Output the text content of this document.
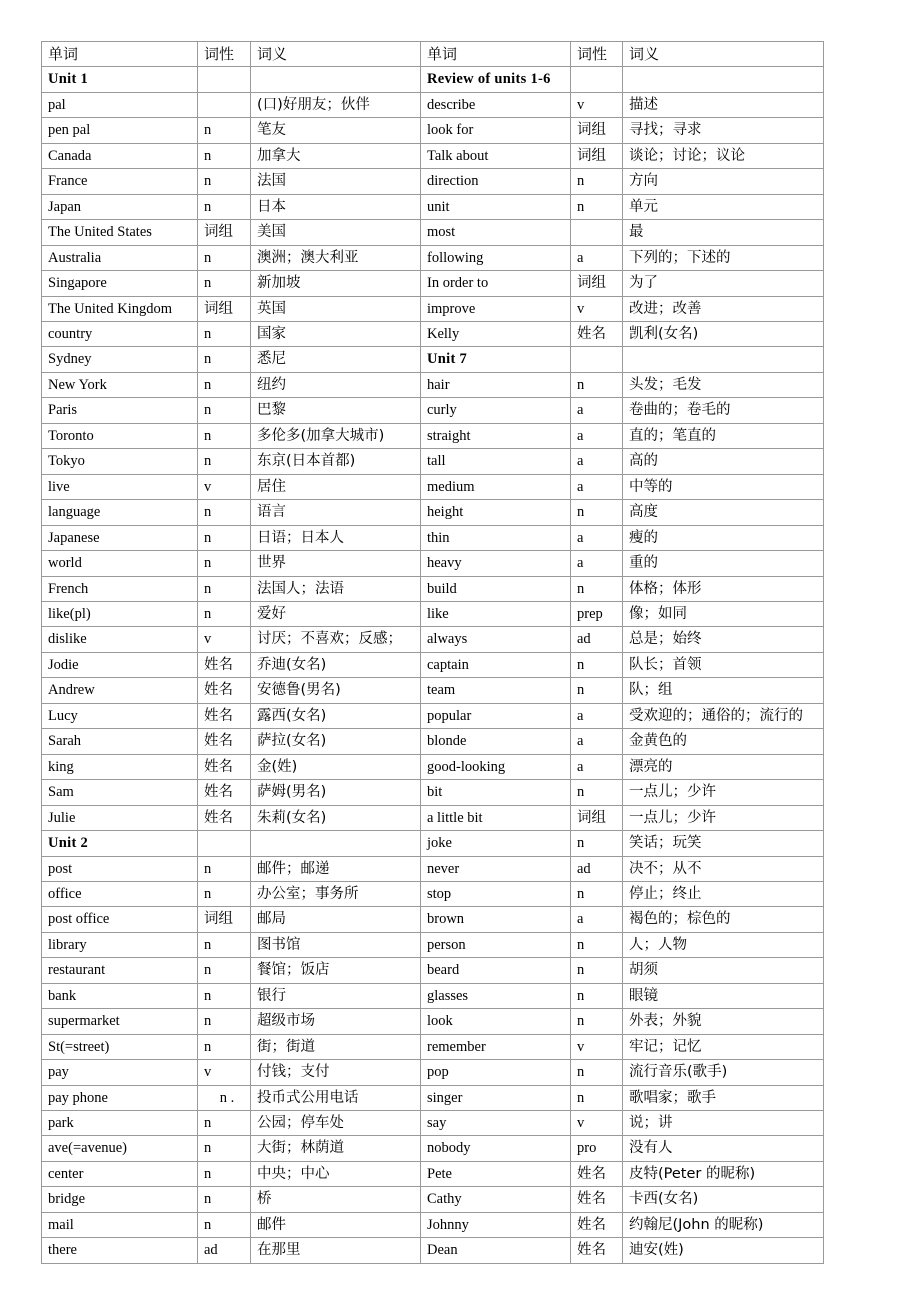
单词	词性	词义	单词	词性	词义
Unit 1			Review of units 1-6		
pal		(口)好朋友；伙伴	describe	v	描述
pen pal	n	笔友	look for	词组	寻找；寻求
Canada	n	加拿大	Talk about	词组	谈论；讨论；议论
France	n	法国	direction	n	方向
Japan	n	日本	unit	n	单元
The United States	词组	美国	most		最
Australia	n	澳洲；澳大利亚	following	a	下列的；下述的
Singapore	n	新加坡	In order to	词组	为了
The United Kingdom	词组	英国	improve	v	改进；改善
country	n	国家	Kelly	姓名	凯利(女名)
Sydney	n	悉尼	Unit 7		
New York	n	纽约	hair	n	头发；毛发
Paris	n	巴黎	curly	a	卷曲的；卷毛的
Toronto	n	多伦多(加拿大城市)	straight	a	直的；笔直的
Tokyo	n	东京(日本首都)	tall	a	高的
live	v	居住	medium	a	中等的
language	n	语言	height	n	高度
Japanese	n	日语；日本人	thin	a	瘦的
world	n	世界	heavy	a	重的
French	n	法国人；法语	build	n	体格；体形
like(pl)	n	爱好	like	prep	像；如同
dislike	v	讨厌；不喜欢；反感；	always	ad	总是；始终
Jodie	姓名	乔迪(女名)	captain	n	队长；首领
Andrew	姓名	安德鲁(男名)	team	n	队；组
Lucy	姓名	露西(女名)	popular	a	受欢迎的；通俗的；流行的
Sarah	姓名	萨拉(女名)	blonde	a	金黄色的
king	姓名	金(姓)	good-looking	a	漂亮的
Sam	姓名	萨姆(男名)	bit	n	一点儿；少许
Julie	姓名	朱莉(女名)	a little bit	词组	一点儿；少许
Unit 2			joke	n	笑话；玩笑
post	n	邮件；邮递	never	ad	决不；从不
office	n	办公室；事务所	stop	n	停止；终止
post office	词组	邮局	brown	a	褐色的；棕色的
library	n	图书馆	person	n	人；人物
restaurant	n	餐馆；饭店	beard	n	胡须
bank	n	银行	glasses	n	眼镜
supermarket	n	超级市场	look	n	外表；外貌
St(=street)	n	街；街道	remember	v	牢记；记忆
pay	v	付钱；支付	pop	n	流行音乐(歌手)
pay phone	n .	投币式公用电话	singer	n	歌唱家；歌手
park	n	公园；停车处	say	v	说；讲
ave(=avenue)	n	大街；林荫道	nobody	pro	没有人
center	n	中央；中心	Pete	姓名	皮特(Peter 的昵称)
bridge	n	桥	Cathy	姓名	卡西(女名)
mail	n	邮件	Johnny	姓名	约翰尼(John 的昵称)
there	ad	在那里	Dean	姓名	迪安(姓)
